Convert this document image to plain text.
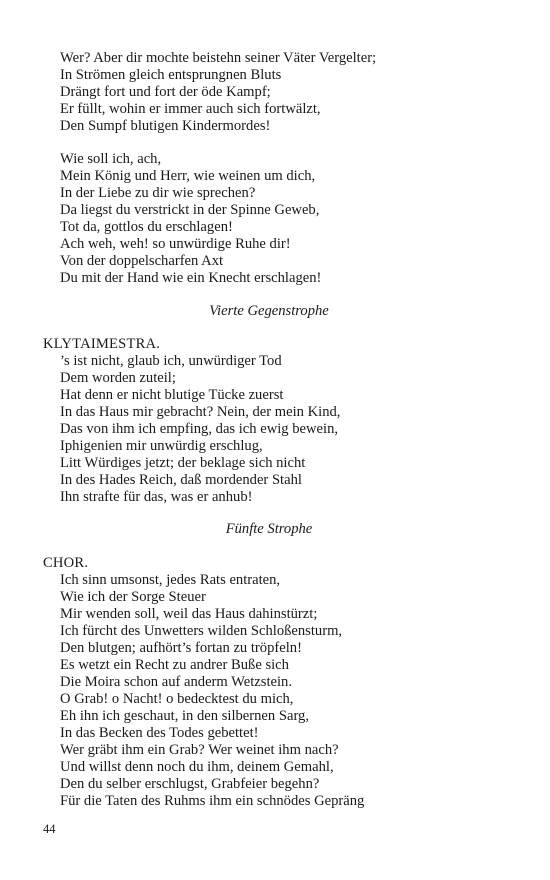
Wer? Aber dir mochte beistehn seiner Väter Vergelter;
In Strömen gleich entsprungnen Bluts
Drängt fort und fort der öde Kampf;
Er füllt, wohin er immer auch sich fortwälzt,
Den Sumpf blutigen Kindermordes!
Wie soll ich, ach,
Mein König und Herr, wie weinen um dich,
In der Liebe zu dir wie sprechen?
Da liegst du verstrickt in der Spinne Geweb,
Tot da, gottlos du erschlagen!
Ach weh, weh! so unwürdige Ruhe dir!
Von der doppelscharfen Axt
Du mit der Hand wie ein Knecht erschlagen!
Vierte Gegenstrophe
KLYTAIMESTRA.
’s ist nicht, glaub ich, unwürdiger Tod
Dem worden zuteil;
Hat denn er nicht blutige Tücke zuerst
In das Haus mir gebracht? Nein, der mein Kind,
Das von ihm ich empfing, das ich ewig bewein,
Iphigenien mir unwürdig erschlug,
Litt Würdiges jetzt; der beklage sich nicht
In des Hades Reich, daß mordender Stahl
Ihn strafte für das, was er anhub!
Fünfte Strophe
CHOR.
Ich sinn umsonst, jedes Rats entraten,
Wie ich der Sorge Steuer
Mir wenden soll, weil das Haus dahinstürzt;
Ich fürcht des Unwetters wilden Schloßensturm,
Den blutgen; aufhört’s fortan zu tröpfeln!
Es wetzt ein Recht zu andrer Buße sich
Die Moira schon auf anderm Wetzstein.
O Grab! o Nacht! o bedecktest du mich,
Eh ihn ich geschaut, in den silbernen Sarg,
In das Becken des Todes gebettet!
Wer gräbt ihm ein Grab? Wer weinet ihm nach?
Und willst denn noch du ihm, deinem Gemahl,
Den du selber erschlugst, Grabfeier begehn?
Für die Taten des Ruhms ihm ein schnödes Gepräng
44
